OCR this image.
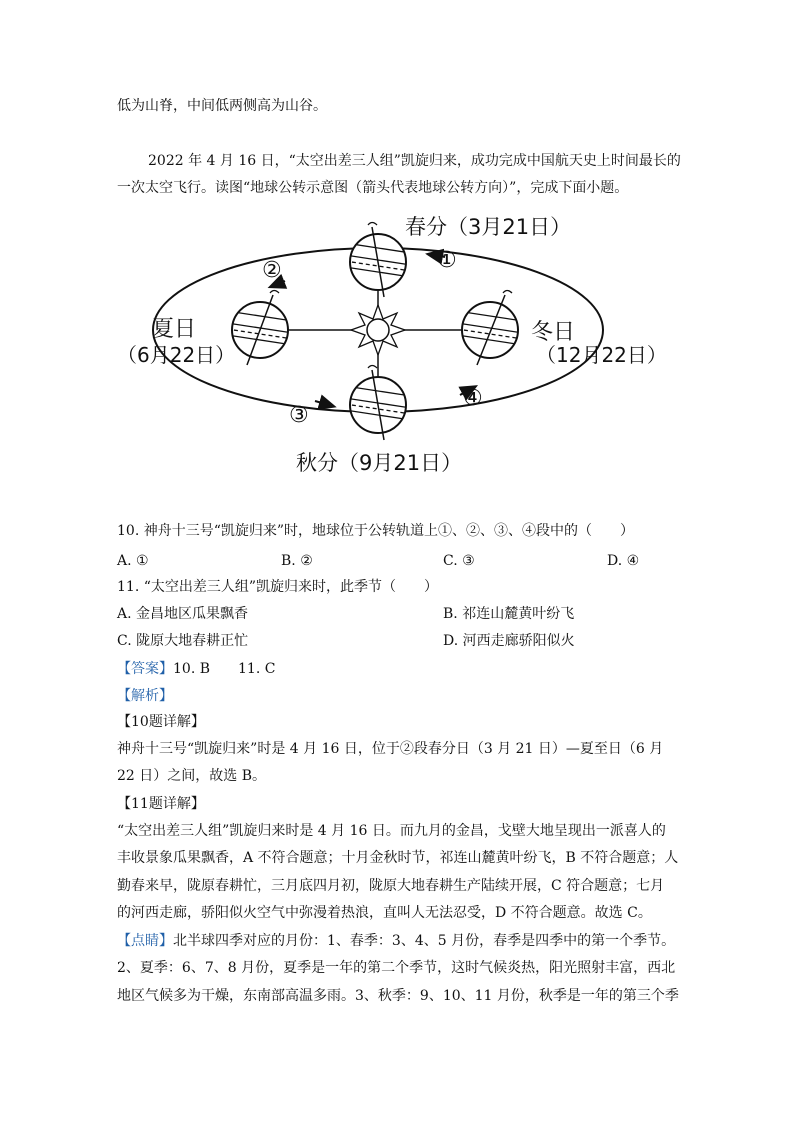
低为山脊，中间低两侧高为山谷。
2022 年 4 月 16 日，“太空出差三人组”凯旋归来，成功完成中国航天史上时间最长的
一次太空飞行。读图“地球公转示意图（箭头代表地球公转方向）”，完成下面小题。
春分（3月21日）
①
②
夏日
（6月22日）
冬日
（12月22日）
③
④
秋分（9月21日）
10. 神舟十三号“凯旋归来”时，地球位于公转轨道上①、②、③、④段中的（　　）
A. ①	B. ②	C. ③	D. ④
11. “太空出差三人组”凯旋归来时，此季节（　　）
A. 金昌地区瓜果飘香	B. 祁连山麓黄叶纷飞
C. 陇原大地春耕正忙	D. 河西走廊骄阳似火
【答案】10. B　　11. C
【解析】
【10题详解】
神舟十三号“凯旋归来”时是 4 月 16 日，位于②段春分日（3 月 21 日）—夏至日（6 月
22 日）之间，故选 B。
【11题详解】
“太空出差三人组”凯旋归来时是 4 月 16 日。而九月的金昌，戈壁大地呈现出一派喜人的
丰收景象瓜果飘香，A 不符合题意；十月金秋时节，祁连山麓黄叶纷飞，B 不符合题意；人
勤春来早，陇原春耕忙，三月底四月初，陇原大地春耕生产陆续开展，C 符合题意；七月
的河西走廊，骄阳似火空气中弥漫着热浪，直叫人无法忍受，D 不符合题意。故选 C。
【点睛】北半球四季对应的月份：1、春季：3、4、5 月份，春季是四季中的第一个季节。
2、夏季：6、7、8 月份，夏季是一年的第二个季节，这时气候炎热，阳光照射丰富，西北
地区气候多为干燥，东南部高温多雨。3、秋季：9、10、11 月份，秋季是一年的第三个季
